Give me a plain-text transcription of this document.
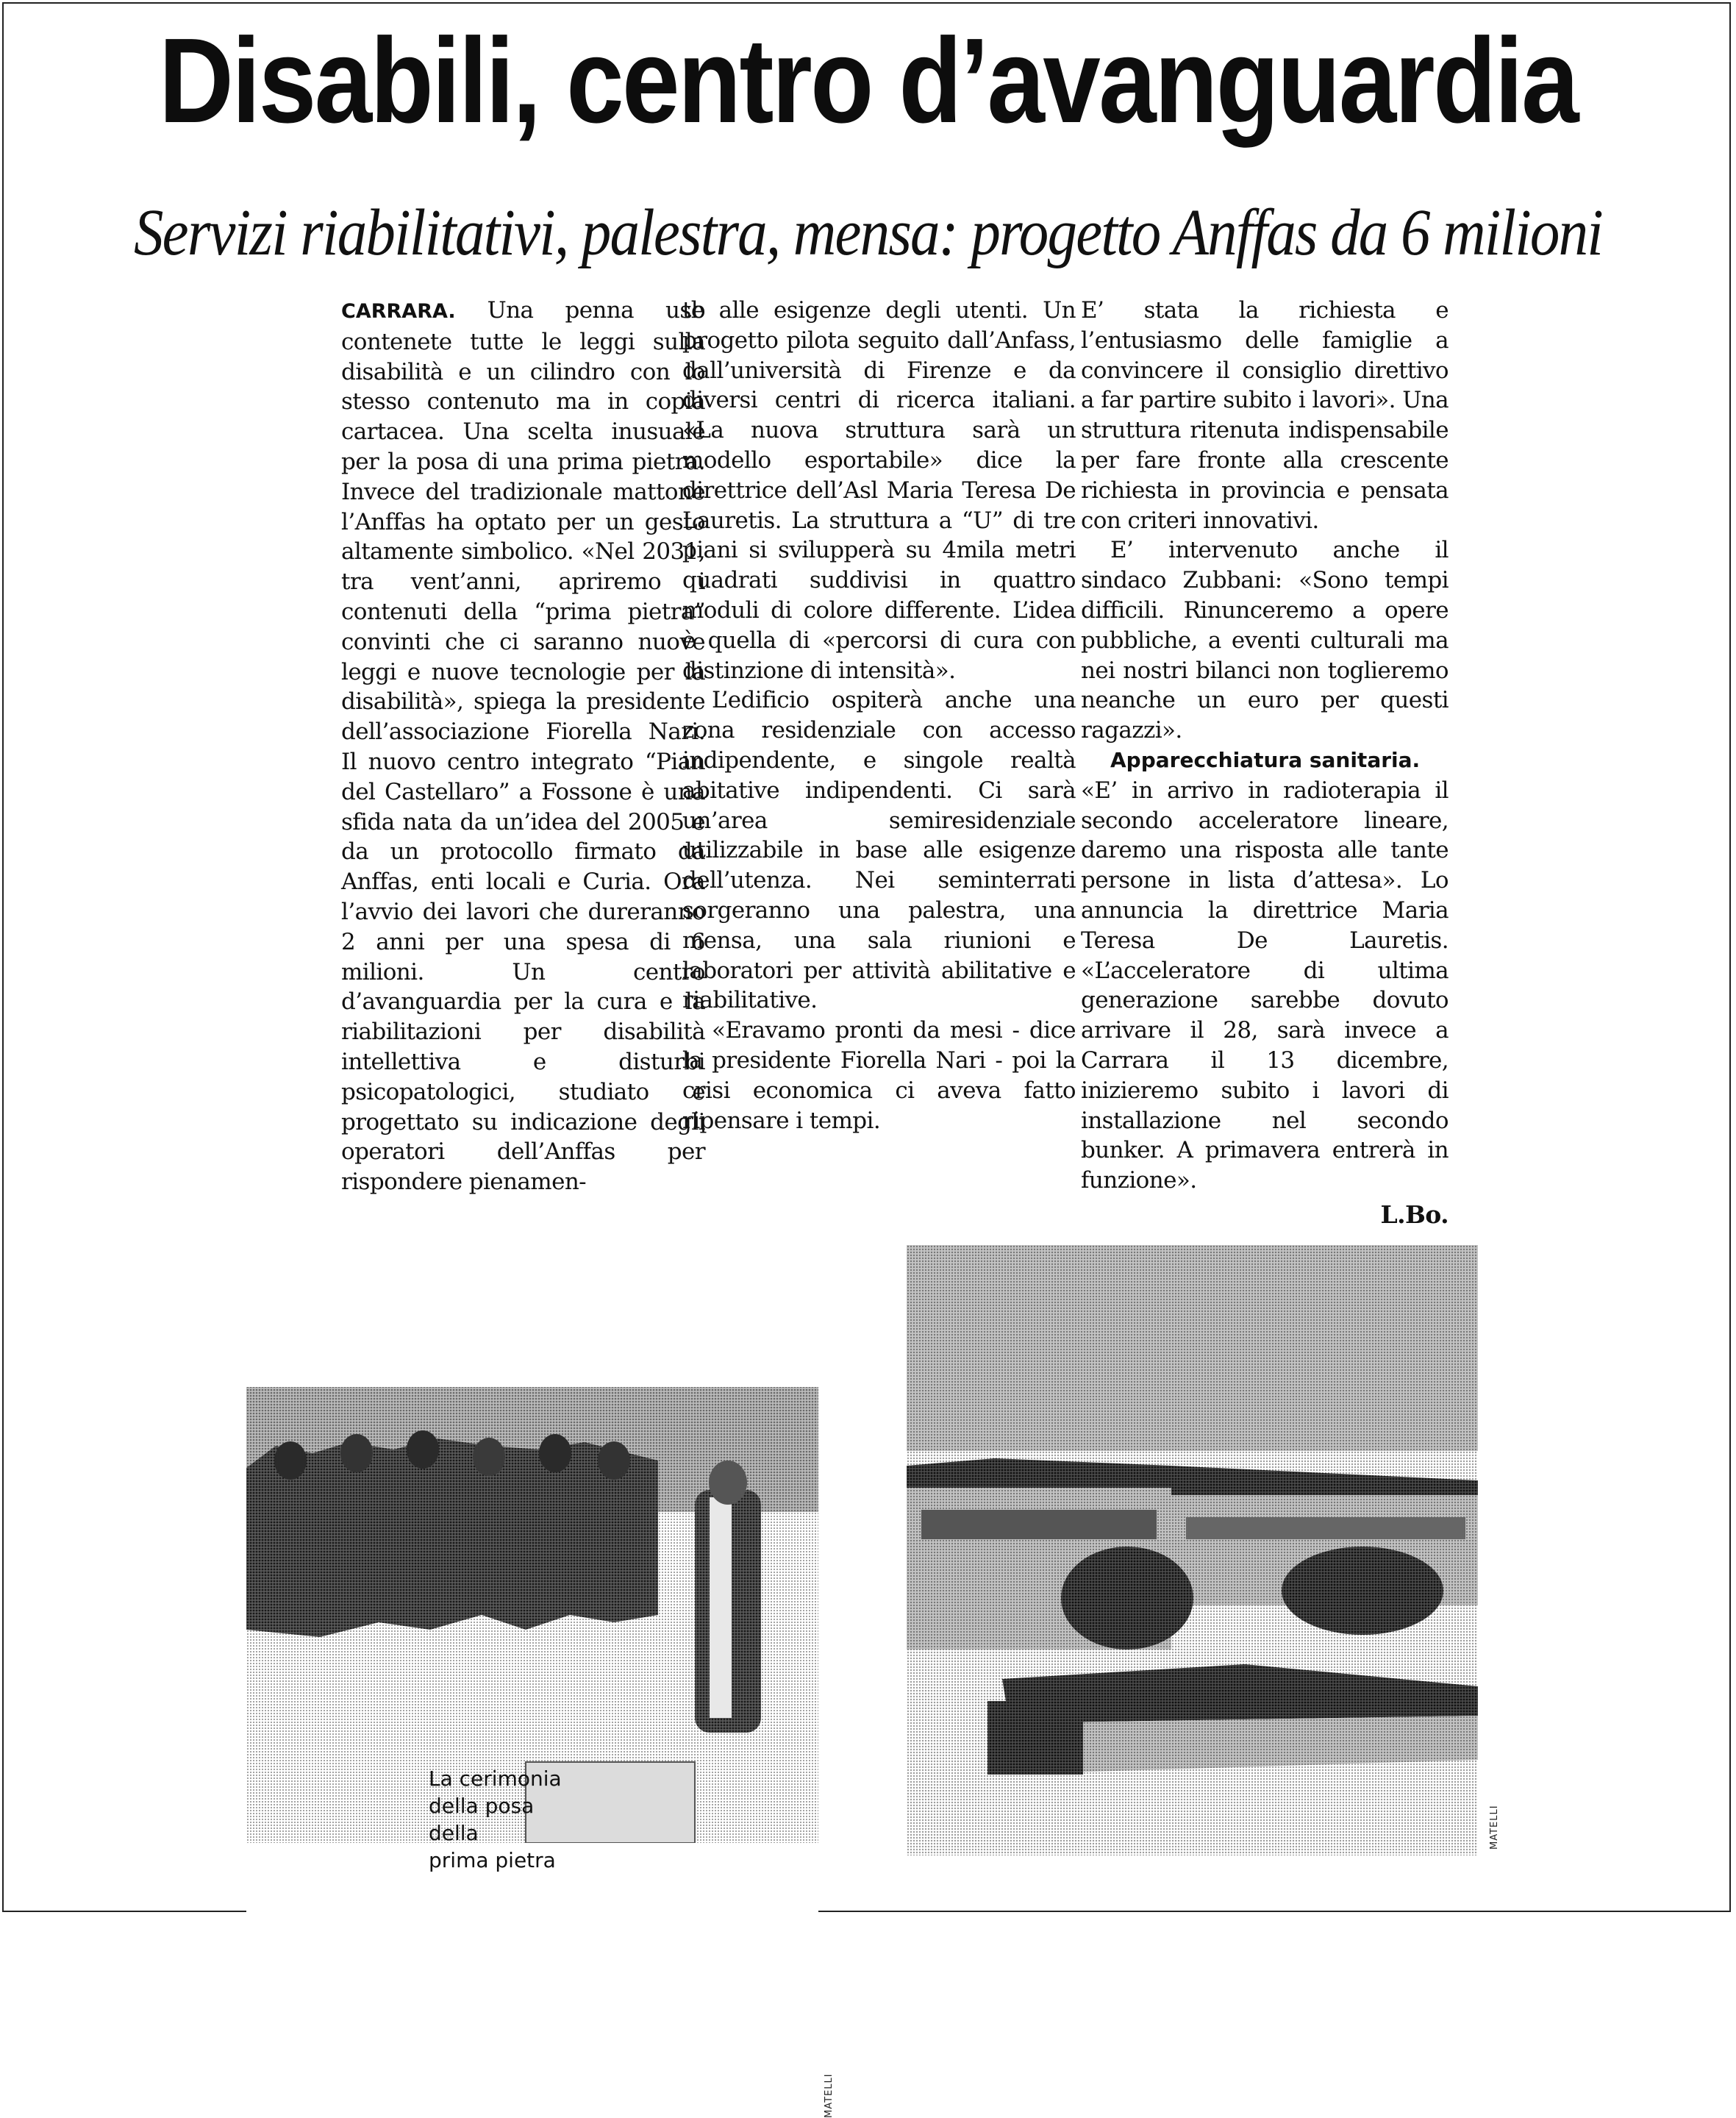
Disabili, centro d’avanguardia
Servizi riabilitativi, palestra, mensa: progetto Anffas da 6 milioni

CARRARA. Una penna usb contenete tutte le leggi sulla disabilità e un cilindro con lo stesso contenuto ma in copia cartacea. Una scelta inusuale per la posa di una prima pietra. Invece del tradizionale mattone l’Anffas ha optato per un gesto altamente simbolico. «Nel 2031, tra vent’anni, apriremo i contenuti della “prima pietra” convinti che ci saranno nuove leggi e nuove tecnologie per la disabilità», spiega la presidente dell’associazione Fiorella Nari. Il nuovo centro integrato “Pian del Castellaro” a Fossone è una sfida nata da un’idea del 2005 e da un protocollo firmato da Anffas, enti locali e Curia. Ora l’avvio dei lavori che dureranno 2 anni per una spesa di 6 milioni. Un centro d’avanguardia per la cura e la riabilitazioni per disabilità intellettiva e disturbi psicopatologici, studiato e progettato su indicazione degli operatori dell’Anffas per rispondere pienamen-

te alle esigenze degli utenti. Un progetto pilota seguito dall’Anfass, dall’università di Firenze e da diversi centri di ricerca italiani. «La nuova struttura sarà un modello esportabile» dice la direttrice dell’Asl Maria Teresa De Lauretis. La struttura a “U” di tre piani si svilupperà su 4mila metri quadrati suddivisi in quattro moduli di colore differente. L’idea è quella di «percorsi di cura con distinzione di intensità».

L’edificio ospiterà anche una zona residenziale con accesso indipendente, e singole realtà abitative indipendenti. Ci sarà un’area semiresidenziale utilizzabile in base alle esigenze dell’utenza. Nei seminterrati sorgeranno una palestra, una mensa, una sala riunioni e laboratori per attività abilitative e riabilitative.

«Eravamo pronti da mesi - dice la presidente Fiorella Nari - poi la crisi economica ci aveva fatto ripensare i tempi.

E’ stata la richiesta e l’entusiasmo delle famiglie a convincere il consiglio direttivo a far partire subito i lavori». Una struttura ritenuta indispensabile per fare fronte alla crescente richiesta in provincia e pensata con criteri innovativi.

E’ intervenuto anche il sindaco Zubbani: «Sono tempi difficili. Rinunceremo a opere pubbliche, a eventi culturali ma nei nostri bilanci non toglieremo neanche un euro per questi ragazzi».

Apparecchiatura sanitaria.

«E’ in arrivo in radioterapia il secondo acceleratore lineare, daremo una risposta alle tante persone in lista d’attesa». Lo annuncia la direttrice Maria Teresa De Lauretis. «L’acceleratore di ultima generazione sarebbe dovuto arrivare il 28, sarà invece a Carrara il 13 dicembre, inizieremo subito i lavori di installazione nel secondo bunker. A primavera entrerà in funzione».

L.Bo.

MATELLI
La cerimonia
della posa
della
prima pietra
MATELLI
